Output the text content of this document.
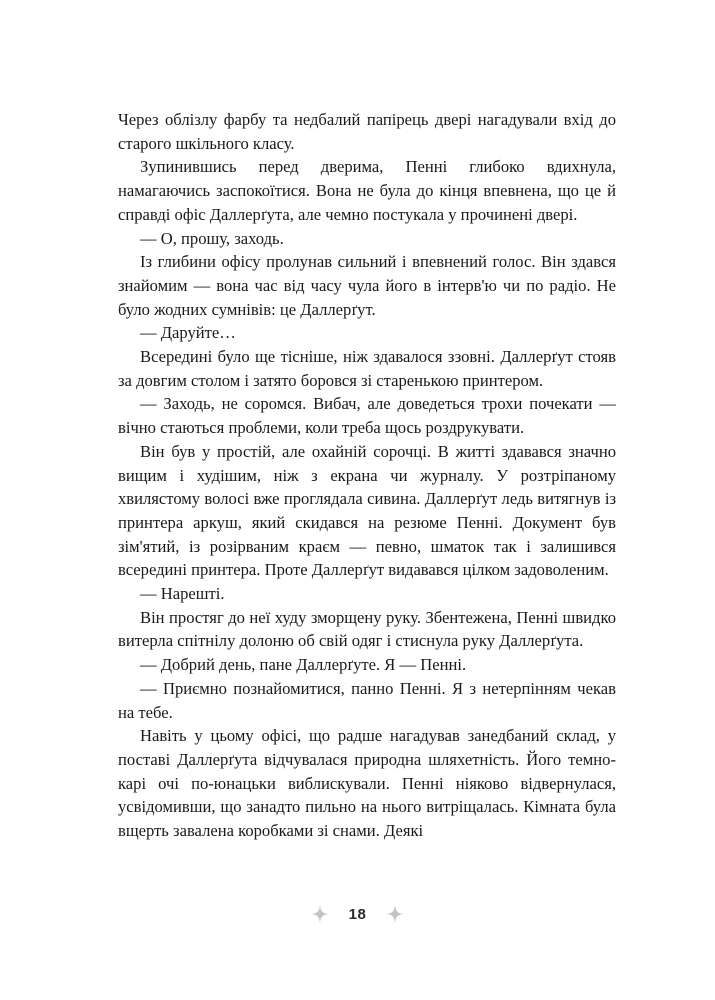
Через облізлу фарбу та недбалий папірець двері нагадували вхід до старого шкільного класу.

Зупинившись перед дверима, Пенні глибоко вдихнула, намагаючись заспокоїтися. Вона не була до кінця впевнена, що це й справді офіс Даллерґута, але чемно постукала у прочинені двері.

— О, прошу, заходь.

Із глибини офісу пролунав сильний і впевнений голос. Він здався знайомим — вона час від часу чула його в інтерв'ю чи по радіо. Не було жодних сумнівів: це Даллерґут.

— Даруйте…

Всередині було ще тісніше, ніж здавалося ззовні. Даллерґут стояв за довгим столом і затято боровся зі старенькою принтером.

— Заходь, не соромся. Вибач, але доведеться трохи почекати — вічно стаються проблеми, коли треба щось роздрукувати.

Він був у простій, але охайній сорочці. В житті здавався значно вищим і худішим, ніж з екрана чи журналу. У розтріпаному хвилястому волосі вже проглядала сивина. Даллерґут ледь витягнув із принтера аркуш, який скидався на резюме Пенні. Документ був зім'ятий, із розірваним краєм — певно, шматок так і залишився всередині принтера. Проте Даллерґут видавався цілком задоволеним.

— Нарешті.

Він простяг до неї худу зморщену руку. Збентежена, Пенні швидко витерла спітнілу долоню об свій одяг і стиснула руку Даллерґута.

— Добрий день, пане Даллерґуте. Я — Пенні.

— Приємно познайомитися, панно Пенні. Я з нетерпінням чекав на тебе.

Навіть у цьому офісі, що радше нагадував занедбаний склад, у поставі Даллерґута відчувалася природна шляхетність. Його темно-карі очі по-юнацьки виблискували. Пенні ніяково відвернулася, усвідомивши, що занадто пильно на нього витріщалась. Кімната була вщерть завалена коробками зі снами. Деякі

18
